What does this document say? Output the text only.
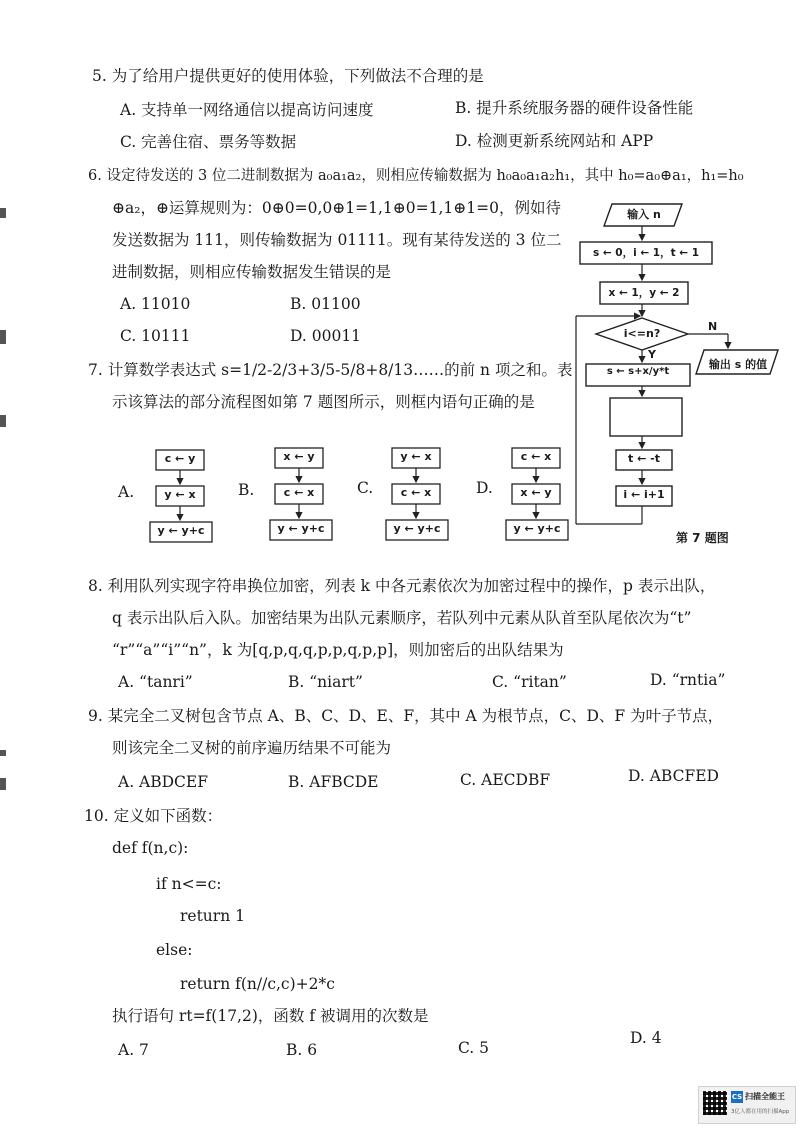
5. 为了给用户提供更好的使用体验，下列做法不合理的是
A. 支持单一网络通信以提高访问速度	B. 提升系统服务器的硬件设备性能
C. 完善住宿、票务等数据	D. 检测更新系统网站和 APP
6. 设定待发送的 3 位二进制数据为 a₀a₁a₂，则相应传输数据为 h₀a₀a₁a₂h₁，其中 h₀=a₀⊕a₁，h₁=h₀
⊕a₂，⊕运算规则为：0⊕0=0,0⊕1=1,1⊕0=1,1⊕1=0，例如待
发送数据为 111，则传输数据为 01111。现有某待发送的 3 位二
进制数据，则相应传输数据发生错误的是
A. 11010	B. 01100
C. 10111	D. 00011
7. 计算数学表达式 s=1/2-2/3+3/5-5/8+8/13……的前 n 项之和。表
示该算法的部分流程图如第 7 题图所示，则框内语句正确的是
A.	B.	C.	D.
c ← y
y ← x
y ← y+c
x ← y
c ← x
y ← y+c
y ← x
c ← x
y ← y+c
c ← x
x ← y
y ← y+c
输入 n
s ← 0，i ← 1，t ← 1
x ← 1，y ← 2
i<=n?
N
Y
输出 s 的值
s ← s+x/y*t
t ← -t
i ← i+1
第 7 题图
8. 利用队列实现字符串换位加密，列表 k 中各元素依次为加密过程中的操作，p 表示出队，
q 表示出队后入队。加密结果为出队元素顺序，若队列中元素从队首至队尾依次为“t”
“r”“a”“i”“n”，k 为[q,p,q,q,p,p,q,p,p]，则加密后的出队结果为
A. “tanri”	B. “niart”	C. “ritan”	D. “rntia”
9. 某完全二叉树包含节点 A、B、C、D、E、F，其中 A 为根节点，C、D、F 为叶子节点，
则该完全二叉树的前序遍历结果不可能为
A. ABDCEF	B. AFBCDE	C. AECDBF	D. ABCFED
10. 定义如下函数：
def f(n,c):
if n<=c:
return 1
else:
return f(n//c,c)+2*c
执行语句 rt=f(17,2)，函数 f 被调用的次数是
A. 7	B. 6	C. 5
D. 4
CS 扫描全能王
3亿人都在用的扫描App
